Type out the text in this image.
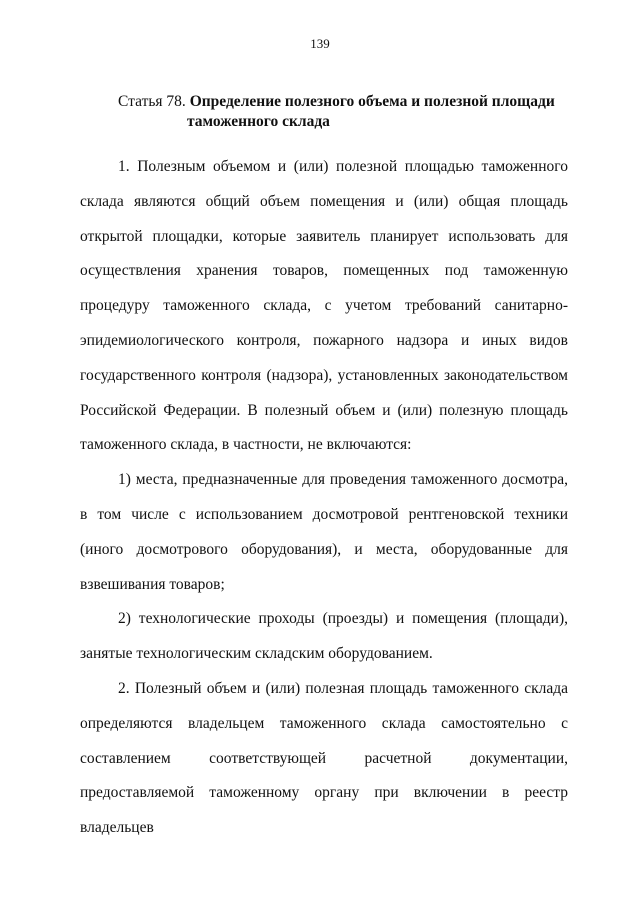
139
Статья 78. Определение полезного объема и полезной площади
таможенного склада

1. Полезным объемом и (или) полезной площадью таможенного склада являются общий объем помещения и (или) общая площадь открытой площадки, которые заявитель планирует использовать для осуществления хранения товаров, помещенных под таможенную процедуру таможенного склада, с учетом требований санитарно-эпидемиологического контроля, пожарного надзора и иных видов государственного контроля (надзора), установленных законодательством Российской Федерации. В полезный объем и (или) полезную площадь таможенного склада, в частности, не включаются:

1) места, предназначенные для проведения таможенного досмотра, в том числе с использованием досмотровой рентгеновской техники (иного досмотрового оборудования), и места, оборудованные для взвешивания товаров;

2) технологические проходы (проезды) и помещения (площади), занятые технологическим складским оборудованием.

2. Полезный объем и (или) полезная площадь таможенного склада определяются владельцем таможенного склада самостоятельно с составлением соответствующей расчетной документации, предоставляемой таможенному органу при включении в реестр владельцев
